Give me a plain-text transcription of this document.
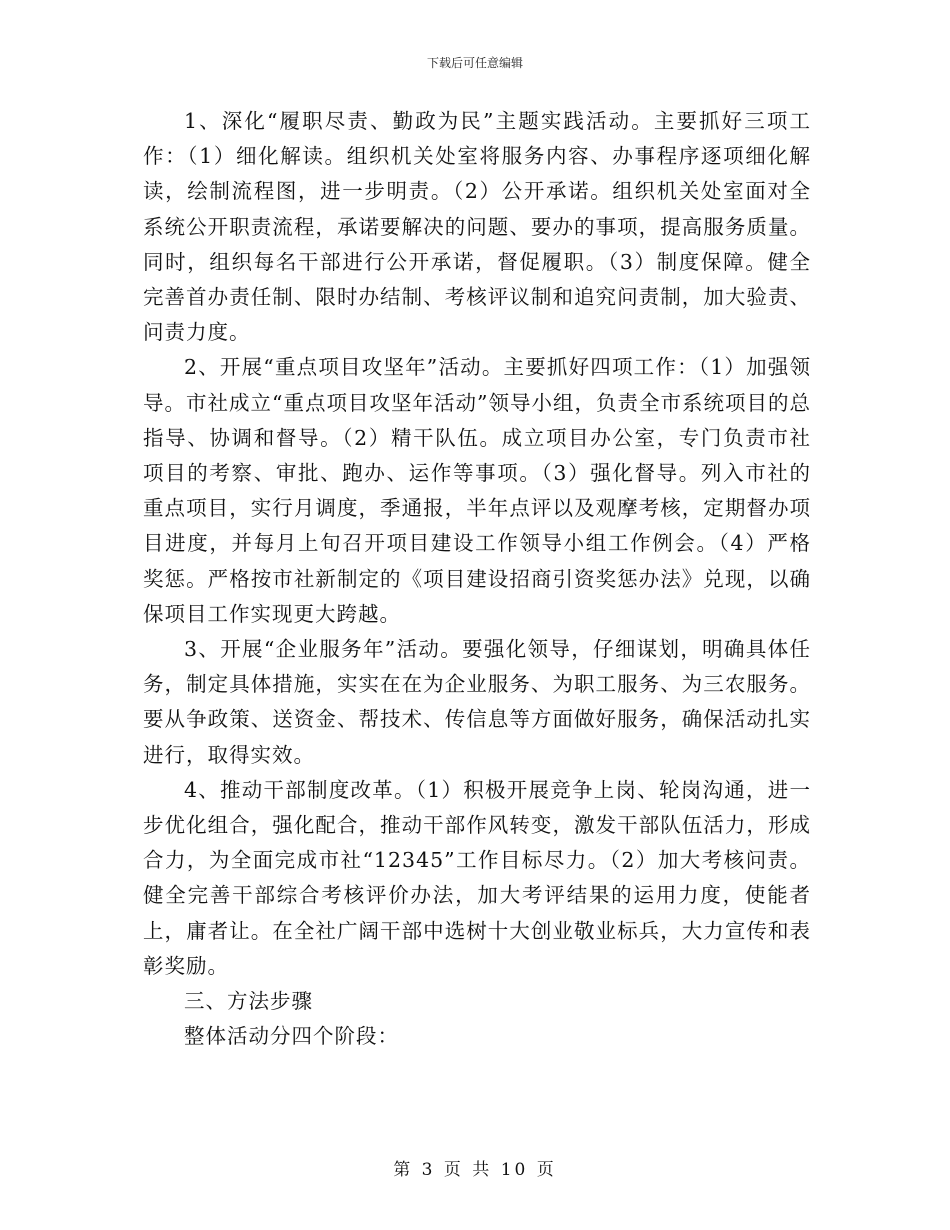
下载后可任意编辑

1、深化“履职尽责、勤政为民”主题实践活动。主要抓好三项工作：（1）细化解读。组织机关处室将服务内容、办事程序逐项细化解读，绘制流程图，进一步明责。（2）公开承诺。组织机关处室面对全系统公开职责流程，承诺要解决的问题、要办的事项，提高服务质量。同时，组织每名干部进行公开承诺，督促履职。（3）制度保障。健全完善首办责任制、限时办结制、考核评议制和追究问责制，加大验责、问责力度。

2、开展“重点项目攻坚年”活动。主要抓好四项工作：（1）加强领导。市社成立“重点项目攻坚年活动”领导小组，负责全市系统项目的总指导、协调和督导。（2）精干队伍。成立项目办公室，专门负责市社项目的考察、审批、跑办、运作等事项。（3）强化督导。列入市社的重点项目，实行月调度，季通报，半年点评以及观摩考核，定期督办项目进度，并每月上旬召开项目建设工作领导小组工作例会。（4）严格奖惩。严格按市社新制定的《项目建设招商引资奖惩办法》兑现，以确保项目工作实现更大跨越。

3、开展“企业服务年”活动。要强化领导，仔细谋划，明确具体任务，制定具体措施，实实在在为企业服务、为职工服务、为三农服务。要从争政策、送资金、帮技术、传信息等方面做好服务，确保活动扎实进行，取得实效。

4、推动干部制度改革。（1）积极开展竞争上岗、轮岗沟通，进一步优化组合，强化配合，推动干部作风转变，激发干部队伍活力，形成合力，为全面完成市社“12345”工作目标尽力。（2）加大考核问责。健全完善干部综合考核评价办法，加大考评结果的运用力度，使能者上，庸者让。在全社广阔干部中选树十大创业敬业标兵，大力宣传和表彰奖励。

三、方法步骤

整体活动分四个阶段：

第 3 页 共 10 页
